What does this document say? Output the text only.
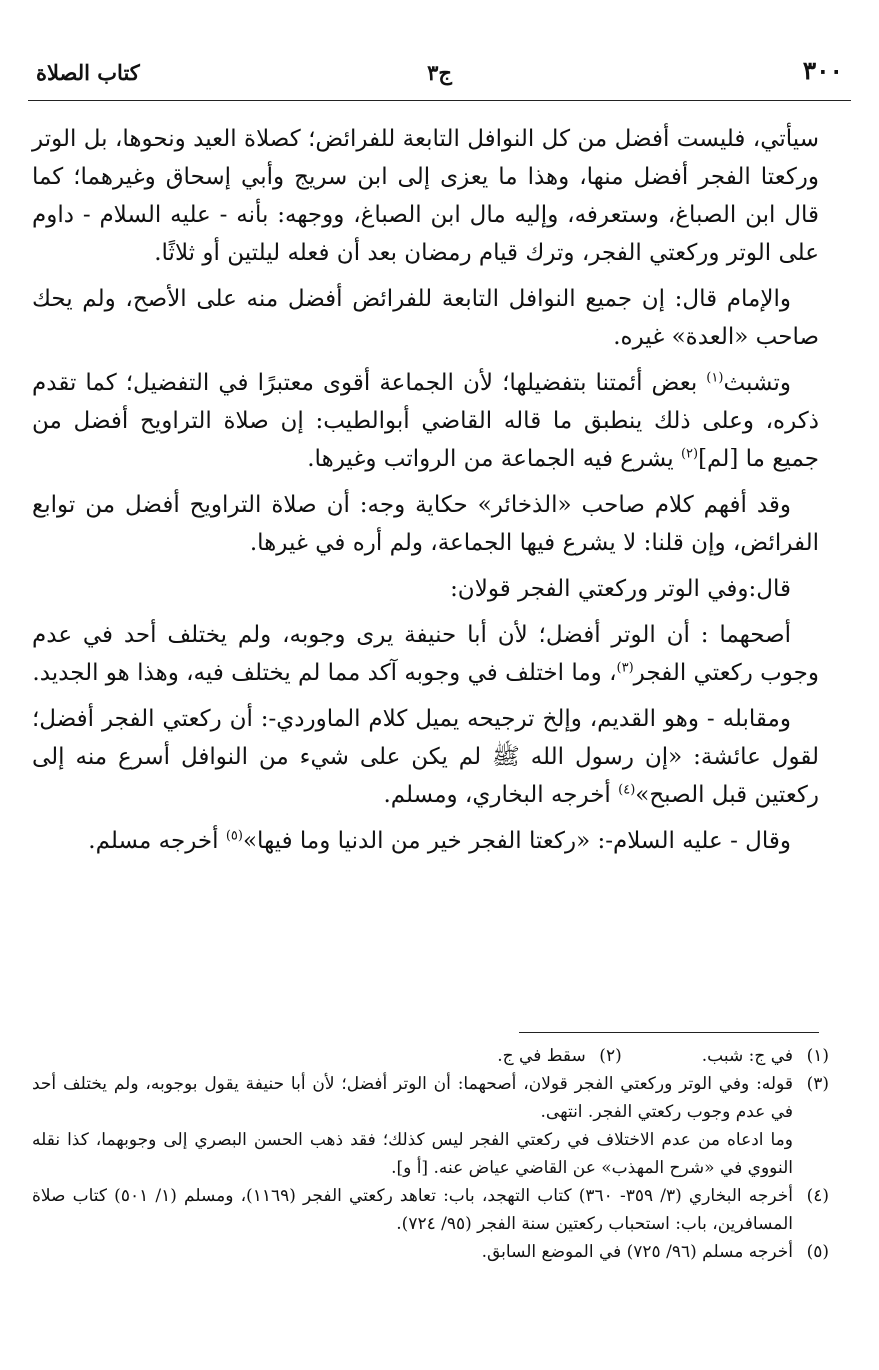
٣٠٠
ج٣
كتاب الصلاة

سيأتي، فليست أفضل من كل النوافل التابعة للفرائض؛ كصلاة العيد ونحوها، بل الوتر وركعتا الفجر أفضل منها، وهذا ما يعزى إلى ابن سريج وأبي إسحاق وغيرهما؛ كما قال ابن الصباغ، وستعرفه، وإليه مال ابن الصباغ، ووجهه: بأنه - عليه السلام - داوم على الوتر وركعتي الفجر، وترك قيام رمضان بعد أن فعله ليلتين أو ثلاثًا.

والإمام قال: إن جميع النوافل التابعة للفرائض أفضل منه على الأصح، ولم يحك صاحب «العدة» غيره.

وتشبث$^{(١)}$ بعض أئمتنا بتفضيلها؛ لأن الجماعة أقوى معتبرًا في التفضيل؛ كما تقدم ذكره، وعلى ذلك ينطبق ما قاله القاضي أبوالطيب: إن صلاة التراويح أفضل من جميع ما [لم]$^{(٢)}$ يشرع فيه الجماعة من الرواتب وغيرها.

وقد أفهم كلام صاحب «الذخائر» حكاية وجه: أن صلاة التراويح أفضل من توابع الفرائض، وإن قلنا: لا يشرع فيها الجماعة، ولم أره في غيرها.

قال:وفي الوتر وركعتي الفجر قولان:

أصحهما : أن الوتر أفضل؛ لأن أبا حنيفة يرى وجوبه، ولم يختلف أحد في عدم وجوب ركعتي الفجر$^{(٣)}$، وما اختلف في وجوبه آكد مما لم يختلف فيه، وهذا هو الجديد.

ومقابله - وهو القديم، وإلخ ترجيحه يميل كلام الماوردي-: أن ركعتي الفجر أفضل؛ لقول عائشة: «إن رسول الله ﷺ لم يكن على شيء من النوافل أسرع منه إلى ركعتين قبل الصبح»$^{(٤)}$ أخرجه البخاري، ومسلم.

وقال - عليه السلام-: «ركعتا الفجر خير من الدنيا وما فيها»$^{(٥)}$ أخرجه مسلم.

(١)
في ج: شبب.
(٢)
سقط في ج.
(٣)
قوله: وفي الوتر وركعتي الفجر قولان، أصحهما: أن الوتر أفضل؛ لأن أبا حنيفة يقول بوجوبه، ولم يختلف أحد في عدم وجوب ركعتي الفجر. انتهى.
وما ادعاه من عدم الاختلاف في ركعتي الفجر ليس كذلك؛ فقد ذهب الحسن البصري إلى وجوبهما، كذا نقله النووي في «شرح المهذب» عن القاضي عياض عنه. [أ و].
(٤)
أخرجه البخاري (٣/ ٣٥٩- ٣٦٠) كتاب التهجد، باب: تعاهد ركعتي الفجر (١١٦٩)، ومسلم (١/ ٥٠١) كتاب صلاة المسافرين، باب: استحباب ركعتين سنة الفجر (٩٥/ ٧٢٤).
(٥)
أخرجه مسلم (٩٦/ ٧٢٥) في الموضع السابق.
